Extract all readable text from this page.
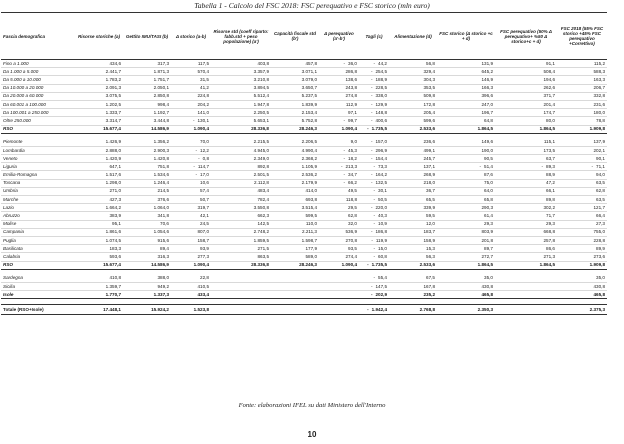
Tabella 1 - Calcolo del FSC 2018: FSC perequativo e FSC storico (mln euro)
Fascia demografica	Risorse storiche (a)	Gettito IMU/TASI (b)	Δ storico (a-b)	Risorse std (coeff riparto: fabb.std + peso popolazione) (a')	Capacità fiscale std (b')	Δ perequativo (a'-b')	Tagli (c)	Alimentazione (d)	FSC storico (Δ storico +c + d)	FSC perequativo (50% Δ perequativo+ %50 Δ storico+c + d)	FSC 2018 (55% FSC storico +45% FSC perequativo +Correttivo)
Fino a 1.000	434,6	317,3	117,5	403,8	457,8	- 36,0	- 44,2	56,8	131,9	91,1	115,2
Da 1.000 a 5.000	2.441,7	1.871,3	570,4	3.357,9	3.071,1	286,8	- 254,5	329,4	645,2	508,4	588,3
Da 5.000 a 10.000	1.783,2	1.751,7	31,5	3.210,8	3.079,0	138,6	- 188,9	304,3	146,9	194,6	163,3
Da 10.000 a 20.000	2.091,3	2.050,1	41,2	3.894,5	3.650,7	243,8	- 228,5	353,5	166,3	262,6	206,7
Da 20.000 a 60.000	3.075,5	2.850,8	224,8	5.512,4	5.237,5	274,8	- 338,0	509,8	396,6	371,7	332,8
Da 60.001 a 100.000	1.202,5	998,4	204,2	1.947,8	1.839,9	112,9	- 129,9	172,8	247,0	201,4	231,6
Da 100.001 a 250.000	1.333,7	1.192,7	141,0	2.250,5	2.153,4	97,1	- 148,8	205,4	196,7	174,7	180,0
Oltre 250.000	3.314,7	3.444,8	- 130,1	5.653,1	5.752,8	- 99,7	- 400,6	599,6	64,8	80,0	78,8
RSO	15.677,4	14.586,9	1.090,4	28.336,8	28.246,3	1.090,4	- 1.735,5	2.533,6	1.864,5	1.864,5	1.909,8

Piemonte	1.426,9	1.356,2	70,0	2.215,5	2.206,5	9,0	- 157,0	236,6	149,6	115,1	137,9
Lombardia	2.888,0	2.900,3	- 12,2	4.945,0	4.990,4	- 45,3	- 296,9	499,1	190,0	173,5	202,1
Veneto	1.420,9	1.420,8	- 0,8	2.349,0	2.368,2	- 18,2	- 154,4	245,7	90,5	63,7	90,1
Liguria	647,1	751,8	- 114,7	892,8	1.105,9	- 213,3	- 73,3	137,1	- 51,4	- 89,3	- 71,1
Emilia-Romagna	1.517,6	1.534,6	- 17,0	2.501,5	2.536,2	- 34,7	- 164,2	268,9	87,6	88,9	94,0
Toscana	1.298,0	1.246,4	10,6	2.112,8	2.179,9	- 66,2	- 132,5	218,0	75,0	47,2	63,5
Umbria	271,0	214,5	57,4	483,4	414,0	49,5	- 30,1	36,7	64,0	66,1	62,8
Marche	427,3	376,6	50,7	782,4	693,8	118,8	- 50,5	65,5	65,8	89,8	63,5
Lazio	1.664,2	1.064,0	319,7	3.550,8	3.515,4	29,5	- 220,0	339,9	290,3	302,2	121,7
Abruzzo	383,9	341,8	42,1	662,3	599,5	62,8	- 40,3	59,5	61,4	71,7	66,4
Molise	95,1	70,6	24,5	142,5	110,0	32,0	- 10,9	12,0	29,3	29,3	27,3
Campania	1.861,6	1.054,6	807,0	2.748,2	2.211,3	536,9	- 186,8	183,7	803,9	668,8	755,0
Puglia	1.074,5	915,6	158,7	1.859,5	1.598,7	270,8	- 119,9	158,9	201,8	257,8	228,8
Basilicata	183,3	89,4	93,9	271,5	177,9	93,5	- 15,0	15,3	89,7	86,6	89,9
Calabria	593,6	316,3	277,3	863,5	589,0	274,4	- 60,8	56,3	272,7	271,3	273,6
RSO	15.677,4	14.586,9	1.090,4	28.336,8	28.246,3	1.090,4	- 1.735,5	2.533,6	1.864,5	1.864,5	1.909,8

Sardegna	410,8	388,0	22,8				- 55,4	67,5	35,0		35,0
Sicilia	1.359,7	949,2	410,5				- 147,5	167,8	430,8		430,8
Isole	1.770,7	1.337,3	433,4				- 202,9	235,2	465,8		465,8

Totale (RSO+Isole)	17.448,1	15.924,2	1.523,8				- 1.942,4	2.768,8	2.350,3		2.375,3
Fonte: elaborazioni IFEL su dati Ministero dell'Interno
10
